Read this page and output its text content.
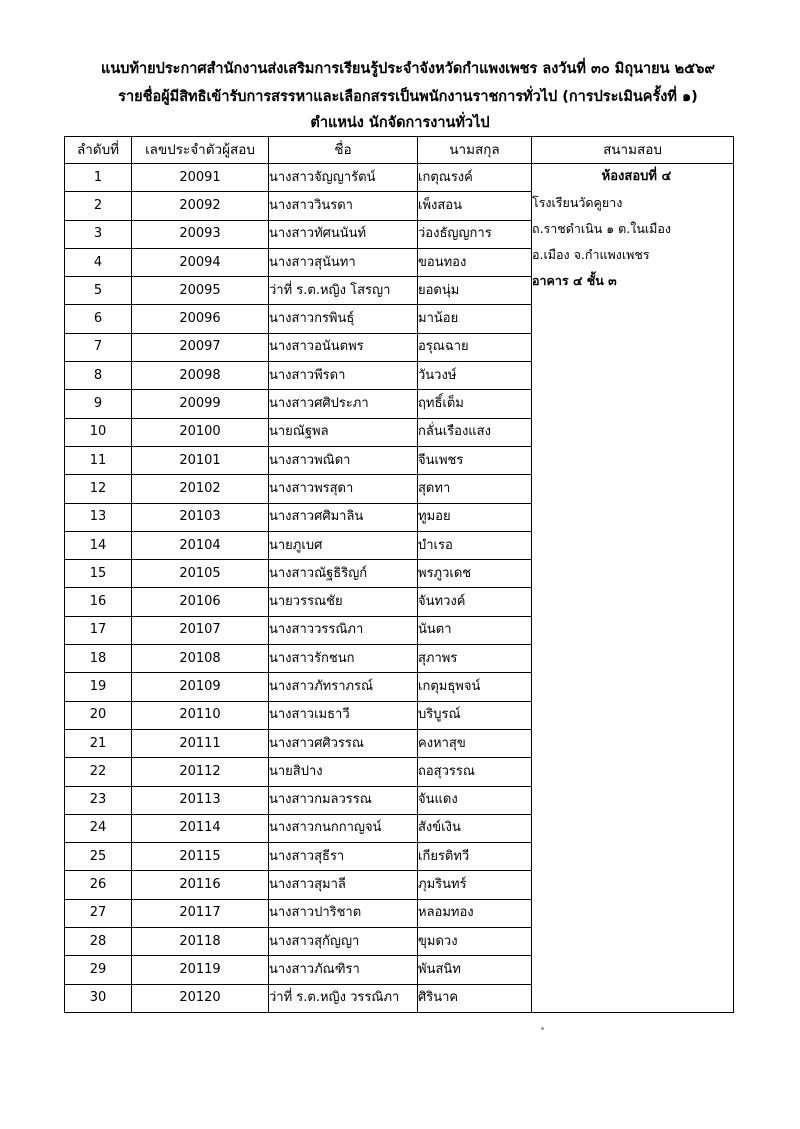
แนบท้ายประกาศสำนักงานส่งเสริมการเรียนรู้ประจำจังหวัดกำแพงเพชร ลงวันที่ ๓๐ มิถุนายน ๒๕๖๙
รายชื่อผู้มีสิทธิเข้ารับการสรรหาและเลือกสรรเป็นพนักงานราชการทั่วไป (การประเมินครั้งที่ ๑)
ตำแหน่ง นักจัดการงานทั่วไป
ลำดับที่	เลขประจำตัวผู้สอบ	ชื่อ	นามสกุล	สนามสอบ
1	20091	นางสาวจัญญารัตน์	เกตุณรงค์	ห้องสอบที่ ๔
โรงเรียนวัดคูยาง
ถ.ราชดำเนิน ๑ ต.ในเมือง
อ.เมือง จ.กำแพงเพชร
อาคาร ๔ ชั้น ๓

2	20092	นางสาววินรดา	เพ็งสอน	
3	20093	นางสาวทัศนนันท์	ว่องธัญญการ	
4	20094	นางสาวสุนันทา	ขอนทอง	
5	20095	ว่าที่ ร.ต.หญิง โสรญา	ยอดนุ่ม	
6	20096	นางสาวกรพินธุ์	มาน้อย	
7	20097	นางสาวอนันตพร	อรุณฉาย	
8	20098	นางสาวพีรดา	วันวงษ์	
9	20099	นางสาวศศิประภา	ฤทธิ์เต็ม	
10	20100	นายณัฐพล	กลั่นเรืองแสง	
11	20101	นางสาวพณิดา	จีนเพชร	
12	20102	นางสาวพรสุดา	สุดทา	
13	20103	นางสาวศศิมาลิน	ทูมอย	
14	20104	นายภูเบศ	บำเรอ	
15	20105	นางสาวณัฐธิริญก์	พรภูวเดช	
16	20106	นายวรรณชัย	จันทวงค์	
17	20107	นางสาววรรณิภา	นันตา	
18	20108	นางสาวรักชนก	สุภาพร	
19	20109	นางสาวภัทราภรณ์	เกตุมธุพจน์	
20	20110	นางสาวเมธาวี	บริบูรณ์	
21	20111	นางสาวศศิวรรณ	คงหาสุข	
22	20112	นายสิปาง	ถอสุวรรณ	
23	20113	นางสาวกมลวรรณ	จันแดง	
24	20114	นางสาวกนกกาญจน์	สังข์เงิน	
25	20115	นางสาวสุธีรา	เกียรติทวี	
26	20116	นางสาวสุมาลี	ภุมรินทร์	
27	20117	นางสาวปาริชาต	หลอมทอง	
28	20118	นางสาวสุกัญญา	ขุมดวง	
29	20119	นางสาวภัณฑิรา	พันสนิท	
30	20120	ว่าที่ ร.ต.หญิง วรรณิภา	ศิรินาค	
